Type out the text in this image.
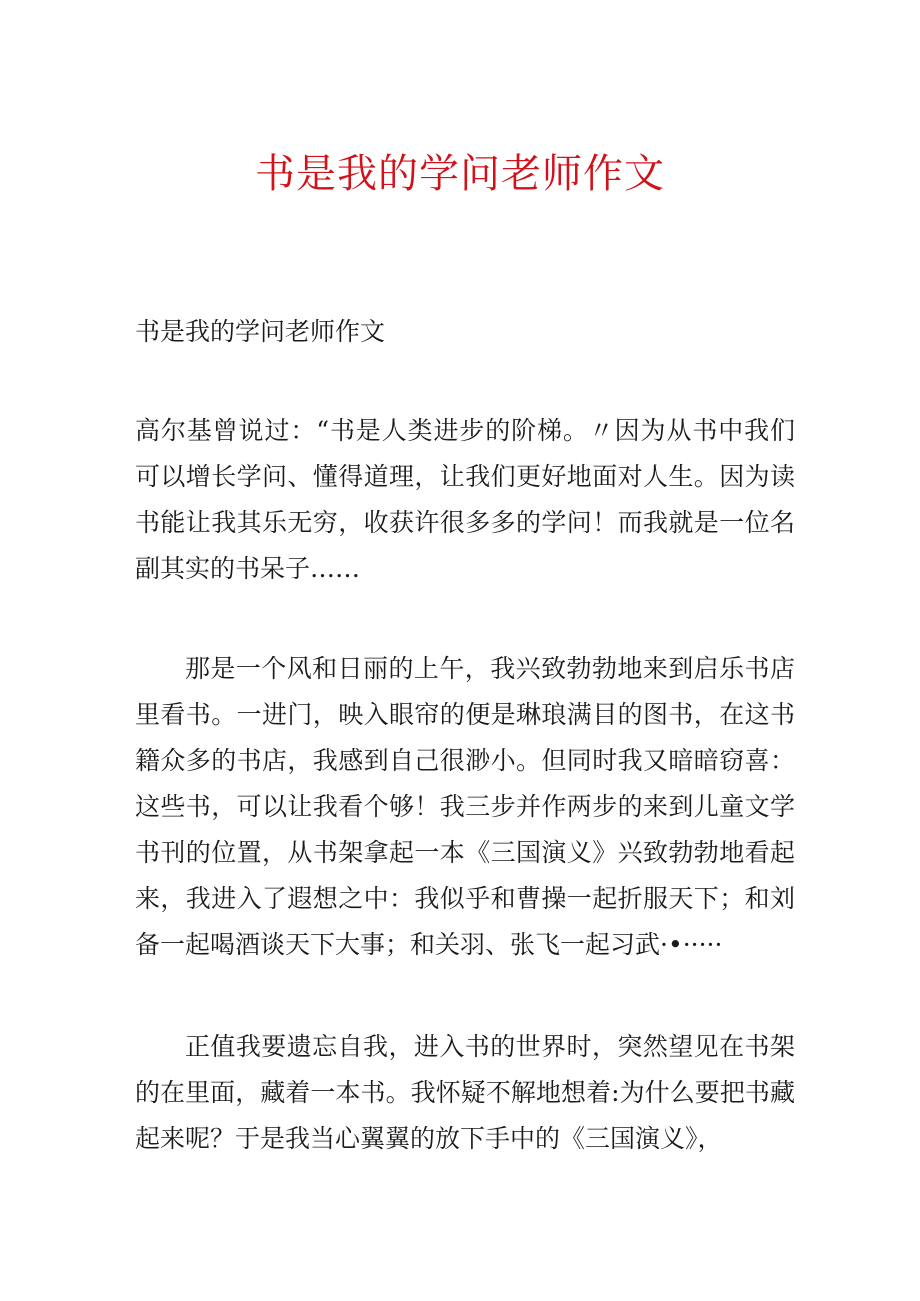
书是我的学问老师作文

书是我的学问老师作文

高尔基曾说过：“书是人类进步的阶梯。〃因为从书中我们可以增长学问、懂得道理，让我们更好地面对人生。因为读书能让我其乐无穷，收获许很多多的学问！而我就是一位名副其实的书呆子……

那是一个风和日丽的上午，我兴致勃勃地来到启乐书店里看书。一进门，映入眼帘的便是琳琅满目的图书，在这书籍众多的书店，我感到自己很渺小。但同时我又暗暗窃喜：这些书，可以让我看个够！我三步并作两步的来到儿童文学书刊的位置，从书架拿起一本《三国演义》兴致勃勃地看起来，我进入了遐想之中：我似乎和曹操一起折服天下；和刘备一起喝酒谈天下大事；和关羽、张飞一起习武·•·····

正值我要遗忘自我，进入书的世界时，突然望见在书架的在里面，藏着一本书。我怀疑不解地想着:为什么要把书藏起来呢？于是我当心翼翼的放下手中的《三国演义》，
